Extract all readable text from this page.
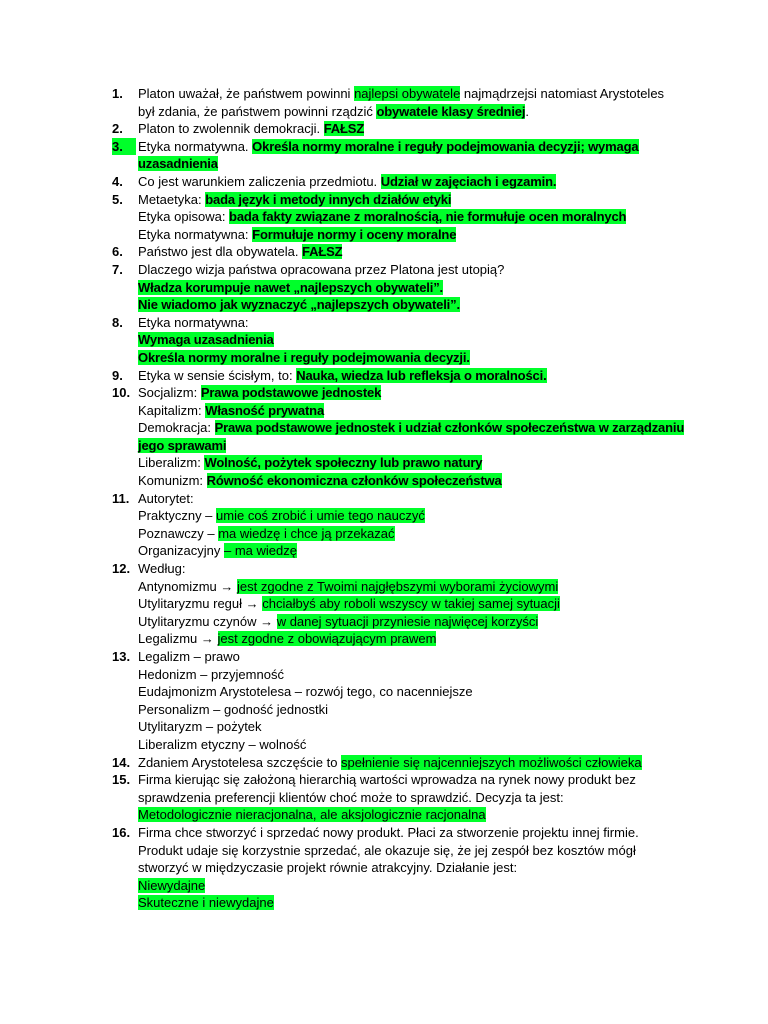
1.	Platon uważał, że państwem powinni najlepsi obywatele najmądrzejsi natomiast Arystoteles
był zdania, że państwem powinni rządzić obywatele klasy średniej.
2.	Platon to zwolennik demokracji. FAŁSZ
3.	Etyka normatywna. Określa normy moralne i reguły podejmowania decyzji; wymaga
uzasadnienia
4.	Co jest warunkiem zaliczenia przedmiotu. Udział w zajęciach i egzamin.
5.	Metaetyka: bada język i metody innych działów etyki
Etyka opisowa: bada fakty związane z moralnością, nie formułuje ocen moralnych
Etyka normatywna: Formułuje normy i oceny moralne
6.	Państwo jest dla obywatela. FAŁSZ
7.	Dlaczego wizja państwa opracowana przez Platona jest utopią?
Władza korumpuje nawet „najlepszych obywateli”.
Nie wiadomo jak wyznaczyć „najlepszych obywateli”.
8.	Etyka normatywna:
Wymaga uzasadnienia
Określa normy moralne i reguły podejmowania decyzji.
9.	Etyka w sensie ścisłym, to: Nauka, wiedza lub refleksja o moralności.
10. Socjalizm: Prawa podstawowe jednostek
Kapitalizm: Własność prywatna
Demokracja: Prawa podstawowe jednostek i udział członków społeczeństwa w zarządzaniu
jego sprawami
Liberalizm: Wolność, pożytek społeczny lub prawo natury
Komunizm: Równość ekonomiczna członków społeczeństwa
11. Autorytet:
Praktyczny – umie coś zrobić i umie tego nauczyć
Poznawczy – ma wiedzę i chce ją przekazać
Organizacyjny – ma wiedzę
12. Według:
Antynomizmu → jest zgodne z Twoimi najgłębszymi wyborami życiowymi
Utylitaryzmu reguł → chciałbyś aby roboli wszyscy w takiej samej sytuacji
Utylitaryzmu czynów → w danej sytuacji przyniesie najwięcej korzyści
Legalizmu → jest zgodne z obowiązującym prawem
13. Legalizm – prawo
Hedonizm – przyjemność
Eudajmonizm Arystotelesa – rozwój tego, co nacenniejsze
Personalizm – godność jednostki
Utylitaryzm – pożytek
Liberalizm etyczny – wolność
14. Zdaniem Arystotelesa szczęście to spełnienie się najcenniejszych możliwości człowieka
15. Firma kierując się założoną hierarchią wartości wprowadza na rynek nowy produkt bez
sprawdzenia preferencji klientów choć może to sprawdzić. Decyzja ta jest:
Metodologicznie nieracjonalna, ale aksjologicznie racjonalna
16. Firma chce stworzyć i sprzedać nowy produkt. Płaci za stworzenie projektu innej firmie.
Produkt udaje się korzystnie sprzedać, ale okazuje się, że jej zespół bez kosztów mógł
stworzyć w międzyczasie projekt równie atrakcyjny. Działanie jest:
Niewydajne
Skuteczne i niewydajne
